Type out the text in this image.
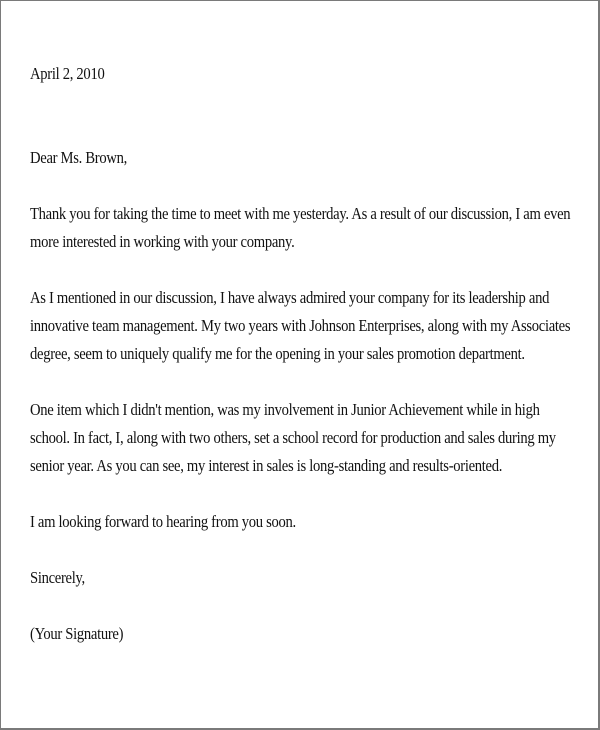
April 2, 2010
Dear Ms. Brown,
Thank you for taking the time to meet with me yesterday. As a result of our discussion, I am even
more interested in working with your company.
As I mentioned in our discussion, I have always admired your company for its leadership and
innovative team management. My two years with Johnson Enterprises, along with my Associates
degree, seem to uniquely qualify me for the opening in your sales promotion department.
One item which I didn't mention, was my involvement in Junior Achievement while in high
school. In fact, I, along with two others, set a school record for production and sales during my
senior year. As you can see, my interest in sales is long-standing and results-oriented.
I am looking forward to hearing from you soon.
Sincerely,
(Your Signature)
